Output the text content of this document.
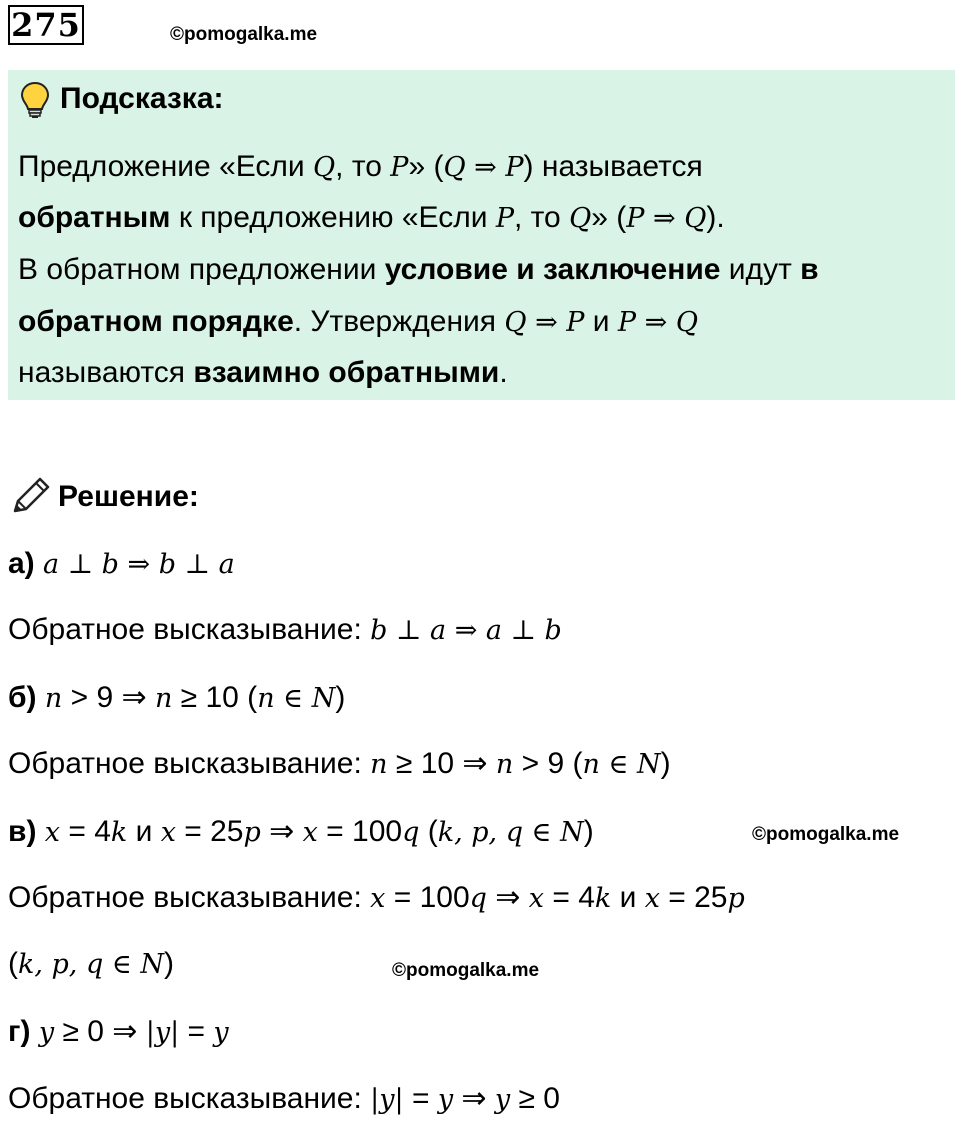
275	©pomogalka.me
Подсказка:
Предложение «Если Q, то P» (Q ⇒ P) называется
обратным к предложению «Если P, то Q» (P ⇒ Q).
В обратном предложении условие и заключение идут в
обратном порядке. Утверждения Q ⇒ P и P ⇒ Q
называются взаимно обратными.
Решение:
а) a ⊥ b ⇒ b ⊥ a
Обратное высказывание: b ⊥ a ⇒ a ⊥ b
б) n > 9 ⇒ n ≥ 10 (n ∈ N)
Обратное высказывание: n ≥ 10 ⇒ n > 9 (n ∈ N)
в) x = 4k и x = 25p ⇒ x = 100q (k, p, q ∈ N)	©pomogalka.me
Обратное высказывание: x = 100q ⇒ x = 4k и x = 25p
(k, p, q ∈ N)	©pomogalka.me
г) y ≥ 0 ⇒ |y| = y
Обратное высказывание: |y| = y ⇒ y ≥ 0
